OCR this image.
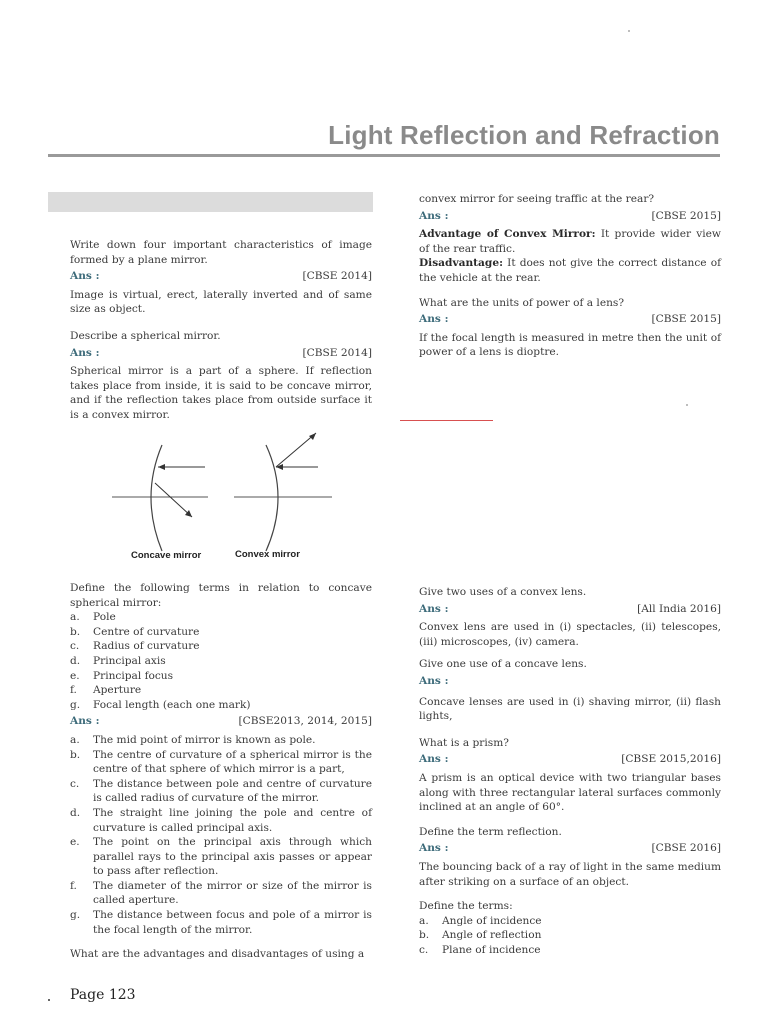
Light Reflection and Refraction

Write down four important characteristics of image formed by a plane mirror.

Ans :	[CBSE 2014]

Image is virtual, erect, laterally inverted and of same size as object.

Describe a spherical mirror.

Ans :	[CBSE 2014]

Spherical mirror is a part of a sphere. If reflection takes place from inside, it is said to be concave mirror, and if the reflection takes place from outside surface it is a convex mirror.

Concave mirror	Convex mirror

Define the following terms in relation to concave spherical mirror:

a. Pole
b. Centre of curvature
c. Radius of curvature
d. Principal axis
e. Principal focus
f. Aperture
g. Focal length (each one mark)
Ans :	[CBSE2013, 2014, 2015]
a. The mid point of mirror is known as pole.
b. The centre of curvature of a spherical mirror is the centre of that sphere of which mirror is a part,
c. The distance between pole and centre of curvature is called radius of curvature of the mirror.
d. The straight line joining the pole and centre of curvature is called principal axis.
e. The point on the principal axis through which parallel rays to the principal axis passes or appear to pass after reflection.
f. The diameter of the mirror or size of the mirror is called aperture.
g. The distance between focus and pole of a mirror is the focal length of the mirror.

What are the advantages and disadvantages of using a

convex mirror for seeing traffic at the rear?

Ans :	[CBSE 2015]

Advantage of Convex Mirror: It provide wider view of the rear traffic.

Disadvantage: It does not give the correct distance of the vehicle at the rear.

What are the units of power of a lens?

Ans :	[CBSE 2015]

If the focal length is measured in metre then the unit of power of a lens is dioptre.

Give two uses of a convex lens.

Ans :	[All India 2016]

Convex lens are used in (i) spectacles, (ii) telescopes, (iii) microscopes, (iv) camera.

Give one use of a concave lens.

Ans :

Concave lenses are used in (i) shaving mirror, (ii) flash lights,

What is a prism?

Ans :	[CBSE 2015,2016]

A prism is an optical device with two triangular bases along with three rectangular lateral surfaces commonly inclined at an angle of 60°.

Define the term reflection.

Ans :	[CBSE 2016]

The bouncing back of a ray of light in the same medium after striking on a surface of an object.

Define the terms:

a. Angle of incidence
b. Angle of reflection
c. Plane of incidence
Page 123
